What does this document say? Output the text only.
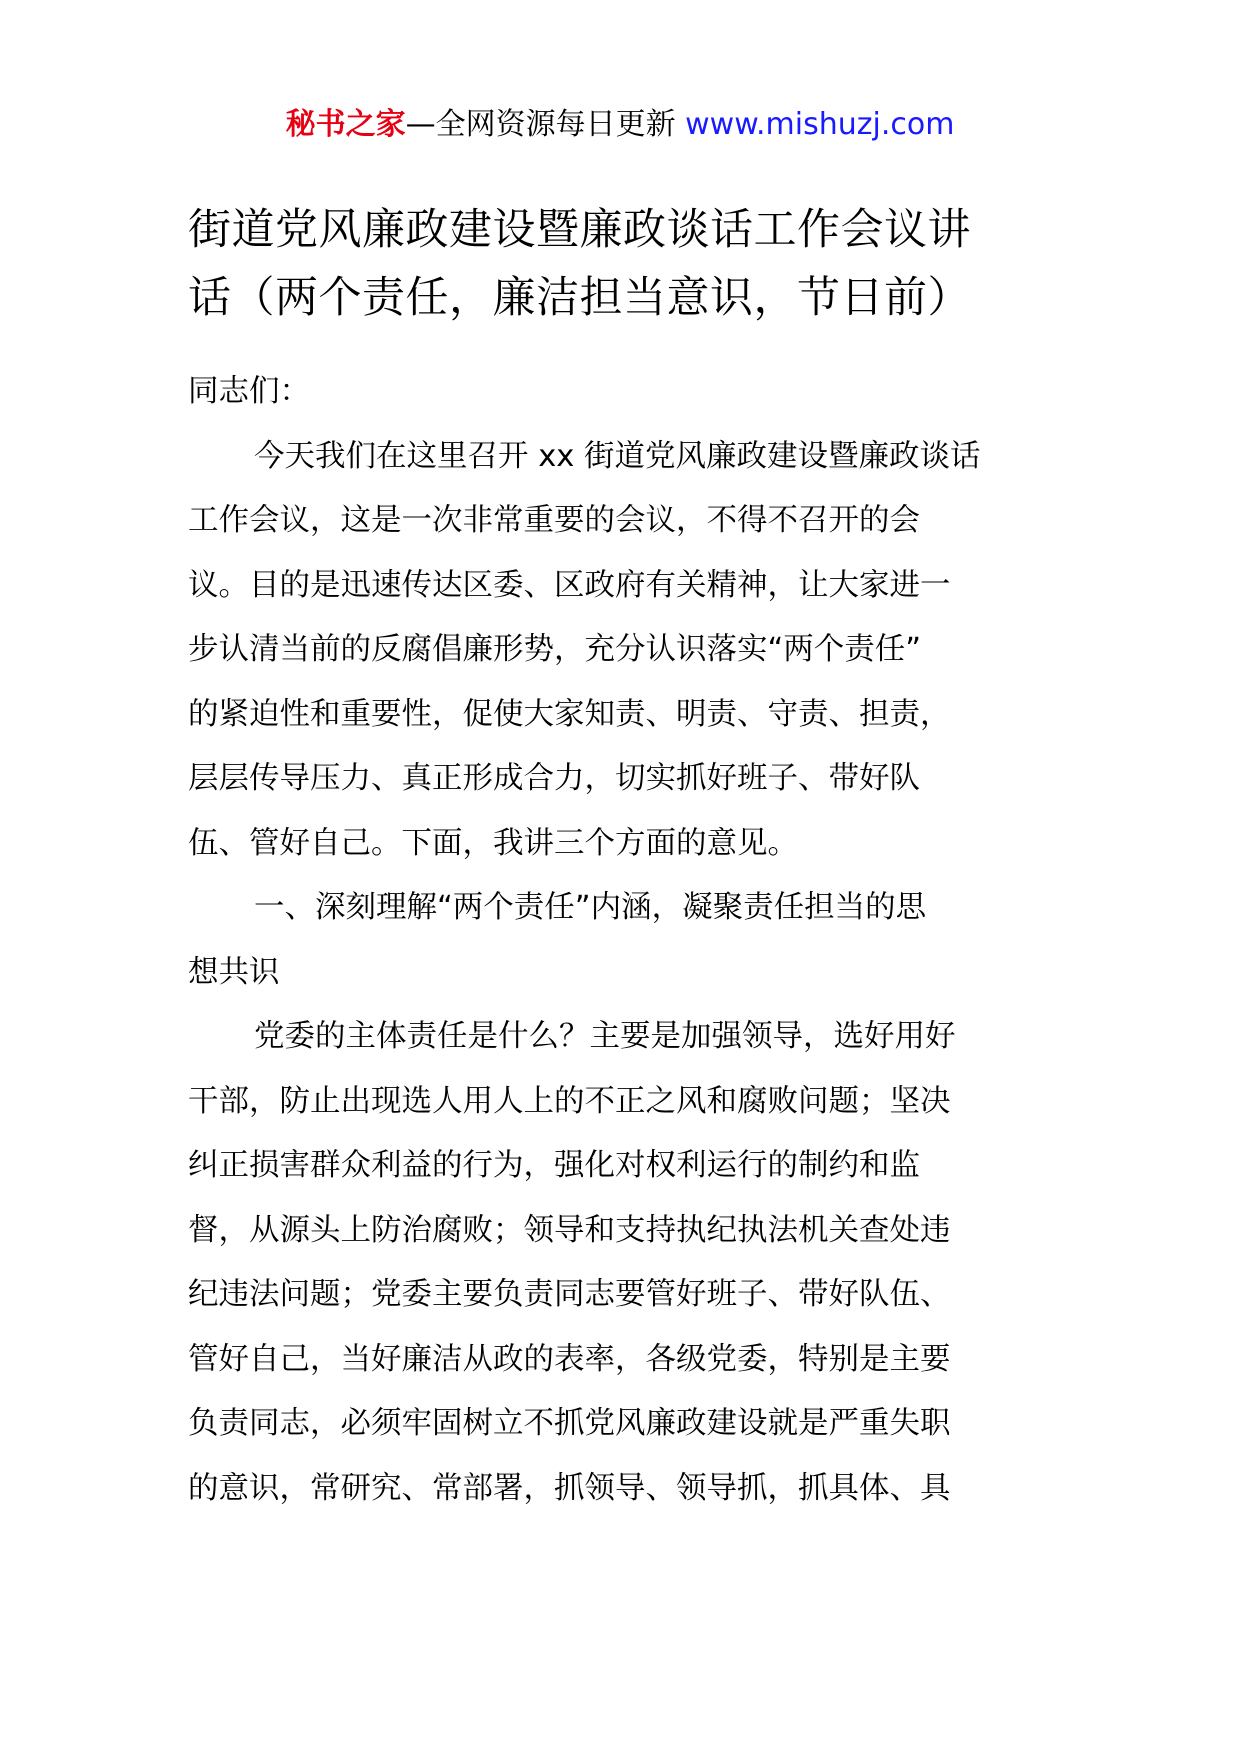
秘书之家—全网资源每日更新 www.mishuzj.com
街道党风廉政建设暨廉政谈话工作会议讲
话（两个责任，廉洁担当意识，节日前）
同志们：
今天我们在这里召开 xx 街道党风廉政建设暨廉政谈话
工作会议，这是一次非常重要的会议，不得不召开的会
议。目的是迅速传达区委、区政府有关精神，让大家进一
步认清当前的反腐倡廉形势，充分认识落实“两个责任”
的紧迫性和重要性，促使大家知责、明责、守责、担责，
层层传导压力、真正形成合力，切实抓好班子、带好队
伍、管好自己。下面，我讲三个方面的意见。
一、深刻理解“两个责任”内涵，凝聚责任担当的思
想共识
党委的主体责任是什么？主要是加强领导，选好用好
干部，防止出现选人用人上的不正之风和腐败问题；坚决
纠正损害群众利益的行为，强化对权利运行的制约和监
督，从源头上防治腐败；领导和支持执纪执法机关查处违
纪违法问题；党委主要负责同志要管好班子、带好队伍、
管好自己，当好廉洁从政的表率，各级党委，特别是主要
负责同志，必须牢固树立不抓党风廉政建设就是严重失职
的意识，常研究、常部署，抓领导、领导抓，抓具体、具
